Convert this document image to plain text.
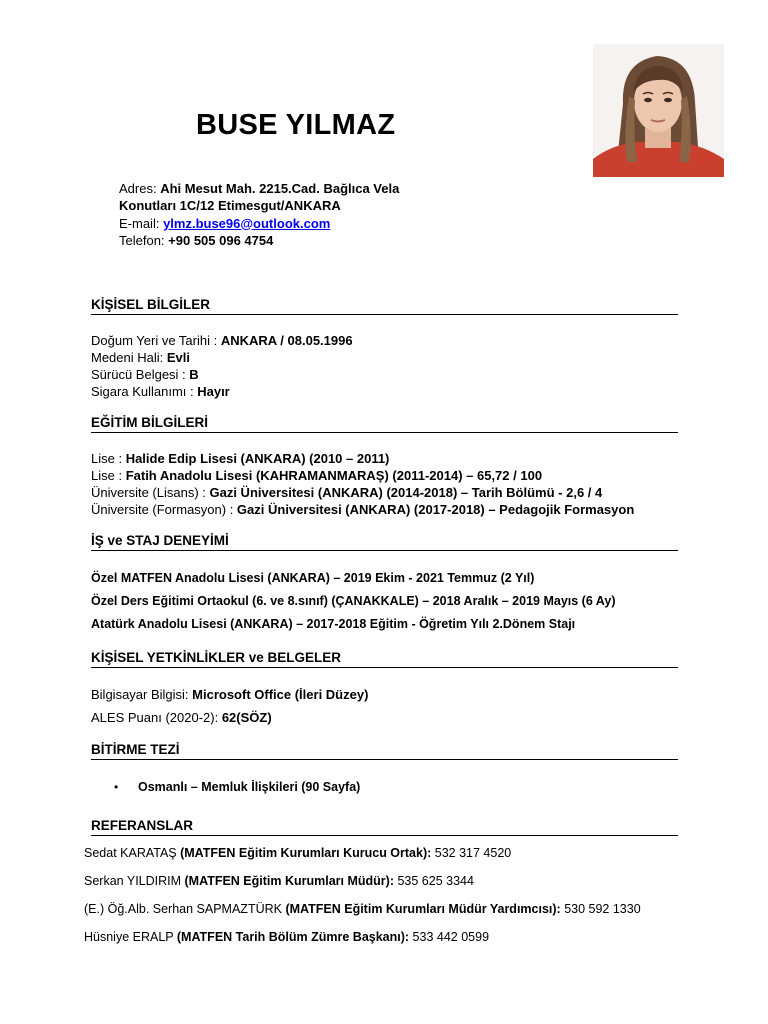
BUSE YILMAZ
Adres: Ahi Mesut Mah. 2215.Cad. Bağlıca Vela
Konutları 1C/12 Etimesgut/ANKARA
E-mail: ylmz.buse96@outlook.com
Telefon: +90 505 096 4754
KİŞİSEL BİLGİLER
Doğum Yeri ve Tarihi : ANKARA / 08.05.1996
Medeni Hali: Evli
Sürücü Belgesi : B
Sigara Kullanımı : Hayır
EĞİTİM BİLGİLERİ
Lise : Halide Edip Lisesi (ANKARA) (2010 – 2011)
Lise : Fatih Anadolu Lisesi (KAHRAMANMARAŞ) (2011-2014) – 65,72 / 100
Üniversite (Lisans) : Gazi Üniversitesi (ANKARA) (2014-2018) – Tarih Bölümü - 2,6 / 4
Üniversite (Formasyon) : Gazi Üniversitesi (ANKARA) (2017-2018) – Pedagojik Formasyon
İŞ ve STAJ DENEYİMİ
Özel MATFEN Anadolu Lisesi (ANKARA) – 2019 Ekim - 2021 Temmuz (2 Yıl)
Özel Ders Eğitimi Ortaokul (6. ve 8.sınıf) (ÇANAKKALE) – 2018 Aralık – 2019 Mayıs (6 Ay)
Atatürk Anadolu Lisesi (ANKARA) – 2017-2018 Eğitim - Öğretim Yılı 2.Dönem Stajı
KİŞİSEL YETKİNLİKLER ve BELGELER
Bilgisayar Bilgisi: Microsoft Office (İleri Düzey)
ALES Puanı (2020-2): 62(SÖZ)
BİTİRME TEZİ
• Osmanlı – Memluk İlişkileri (90 Sayfa)
REFERANSLAR
Sedat KARATAŞ (MATFEN Eğitim Kurumları Kurucu Ortak): 532 317 4520
Serkan YILDIRIM (MATFEN Eğitim Kurumları Müdür): 535 625 3344
(E.) Öğ.Alb. Serhan SAPMAZTÜRK (MATFEN Eğitim Kurumları Müdür Yardımcısı): 530 592 1330
Hüsniye ERALP (MATFEN Tarih Bölüm Zümre Başkanı): 533 442 0599
